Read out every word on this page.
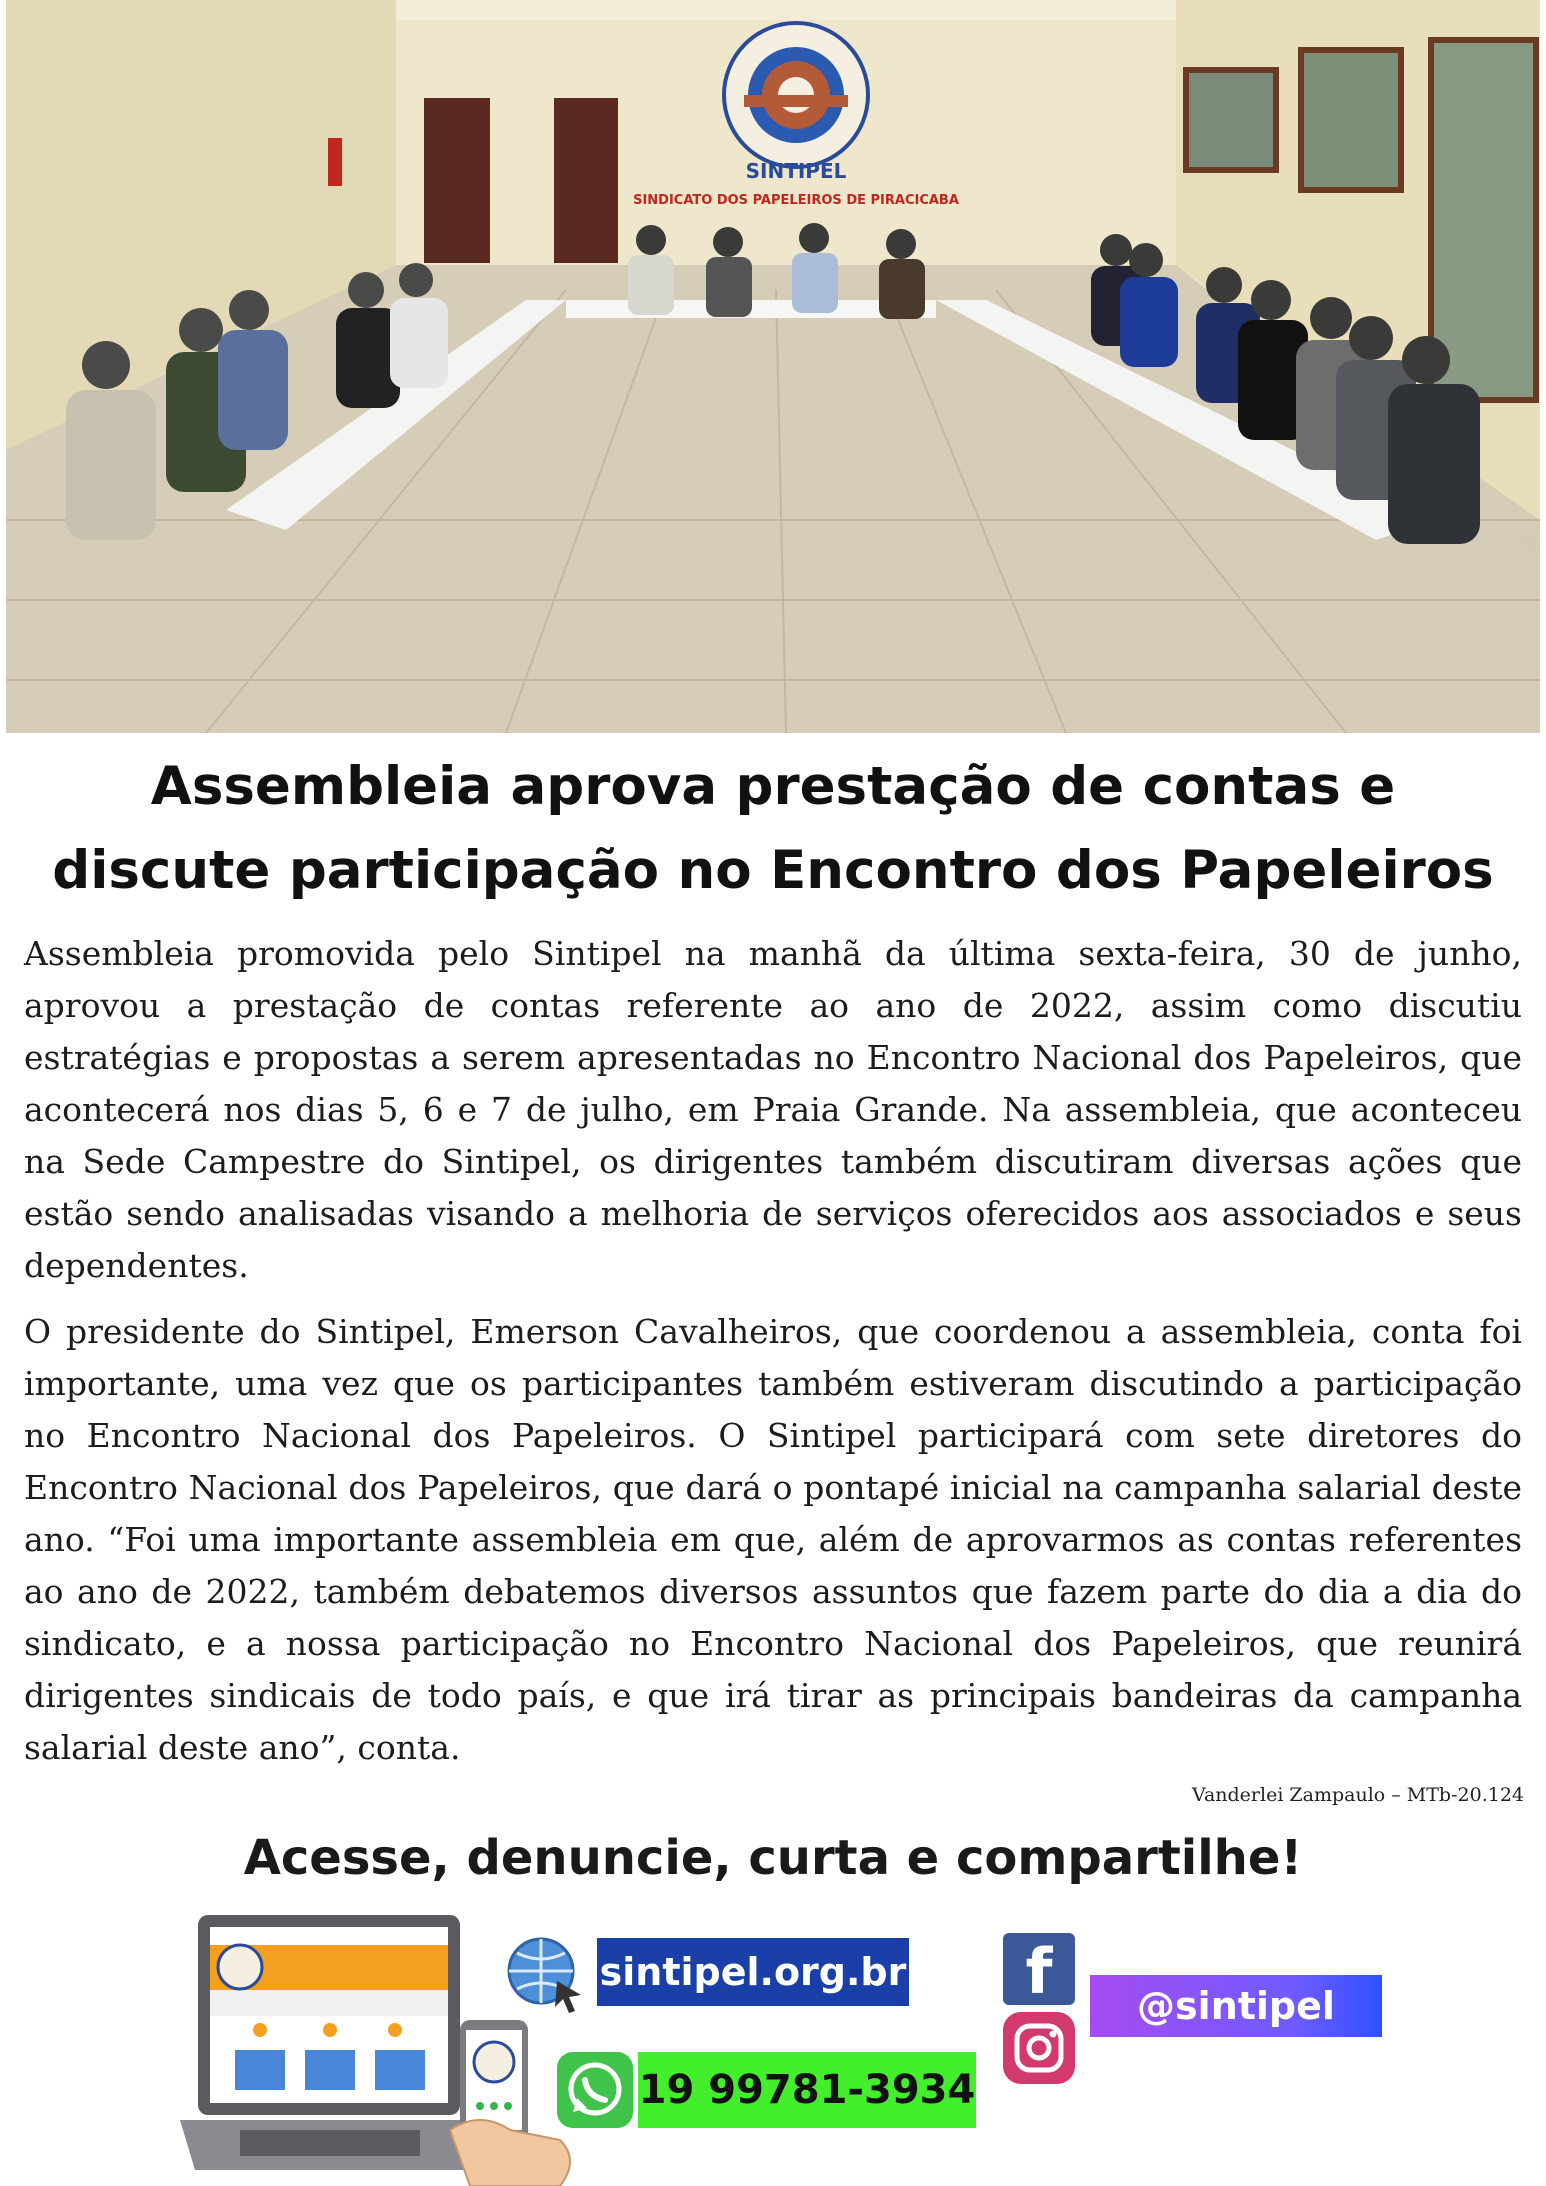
SINTIPEL
SINDICATO DOS PAPELEIROS DE PIRACICABA
Assembleia aprova prestação de contas e
discute participação no Encontro dos Papeleiros

Assembleia promovida pelo Sintipel na manhã da última sexta-feira, 30 de junho, aprovou a prestação de contas referente ao ano de 2022, assim como discutiu estratégias e propostas a serem apresentadas no Encontro Nacional dos Papeleiros, que acontecerá nos dias 5, 6 e 7 de julho, em Praia Grande. Na assembleia, que aconteceu na Sede Campestre do Sintipel, os dirigentes também discutiram diversas ações que estão sendo analisadas visando a melhoria de serviços oferecidos aos associados e seus dependentes.

O presidente do Sintipel, Emerson Cavalheiros, que coordenou a assembleia, conta foi importante, uma vez que os participantes também estiveram discutindo a participação no Encontro Nacional dos Papeleiros. O Sintipel participará com sete diretores do Encontro Nacional dos Papeleiros, que dará o pontapé inicial na campanha salarial deste ano. “Foi uma importante assembleia em que, além de aprovarmos as contas referentes ao ano de 2022, também debatemos diversos assuntos que fazem parte do dia a dia do sindicato, e a nossa participação no Encontro Nacional dos Papeleiros, que reunirá dirigentes sindicais de todo país, e que irá tirar as principais bandeiras da campanha salarial deste ano”, conta.

Vanderlei Zampaulo – MTb-20.124
Acesse, denuncie, curta e compartilhe!
sintipel.org.br
19 99781-3934
f	@sintipel
